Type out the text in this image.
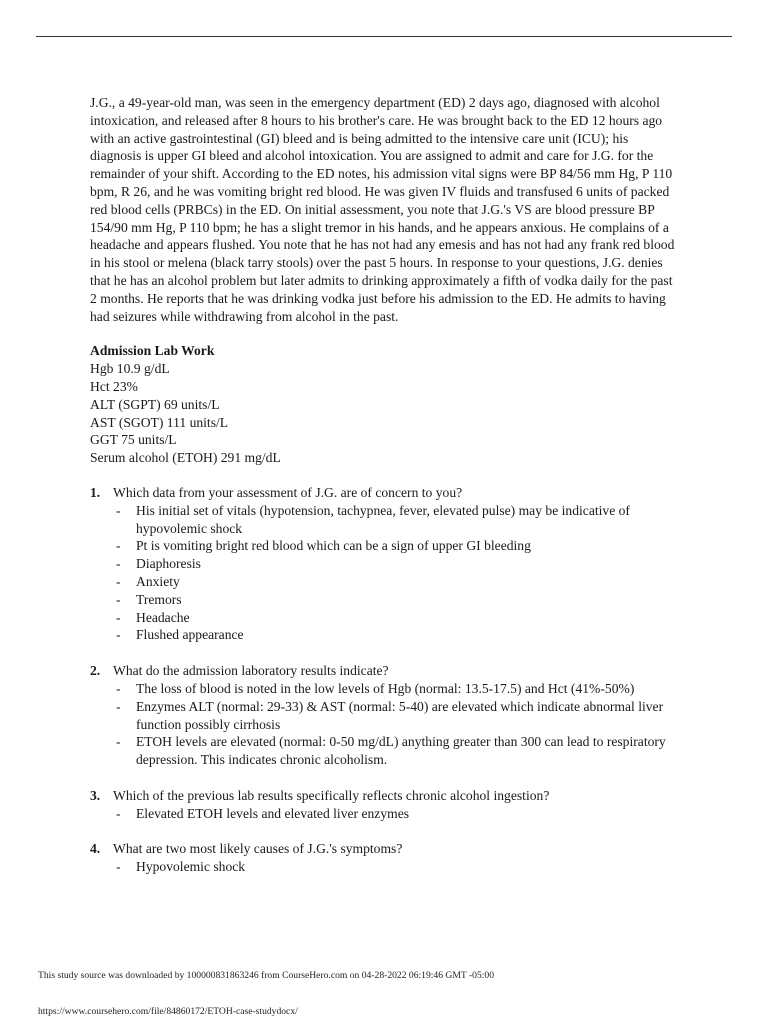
J.G., a 49-year-old man, was seen in the emergency department (ED) 2 days ago, diagnosed with alcohol intoxication, and released after 8 hours to his brother's care. He was brought back to the ED 12 hours ago with an active gastrointestinal (GI) bleed and is being admitted to the intensive care unit (ICU); his diagnosis is upper GI bleed and alcohol intoxication. You are assigned to admit and care for J.G. for the remainder of your shift. According to the ED notes, his admission vital signs were BP 84/56 mm Hg, P 110 bpm, R 26, and he was vomiting bright red blood. He was given IV fluids and transfused 6 units of packed red blood cells (PRBCs) in the ED. On initial assessment, you note that J.G.'s VS are blood pressure BP 154/90 mm Hg, P 110 bpm; he has a slight tremor in his hands, and he appears anxious. He complains of a headache and appears flushed. You note that he has not had any emesis and has not had any frank red blood in his stool or melena (black tarry stools) over the past 5 hours. In response to your questions, J.G. denies that he has an alcohol problem but later admits to drinking approximately a fifth of vodka daily for the past 2 months. He reports that he was drinking vodka just before his admission to the ED. He admits to having had seizures while withdrawing from alcohol in the past.

Admission Lab Work
Hgb 10.9 g/dL
Hct 23%
ALT (SGPT) 69 units/L
AST (SGOT) 111 units/L
GGT 75 units/L
Serum alcohol (ETOH) 291 mg/dL
1. Which data from your assessment of J.G. are of concern to you?
- His initial set of vitals (hypotension, tachypnea, fever, elevated pulse) may be indicative of hypovolemic shock
- Pt is vomiting bright red blood which can be a sign of upper GI bleeding
- Diaphoresis
- Anxiety
- Tremors
- Headache
- Flushed appearance
2. What do the admission laboratory results indicate?
- The loss of blood is noted in the low levels of Hgb (normal: 13.5-17.5) and Hct (41%-50%)
- Enzymes ALT (normal: 29-33) & AST (normal: 5-40) are elevated which indicate abnormal liver function possibly cirrhosis
- ETOH levels are elevated (normal: 0-50 mg/dL) anything greater than 300 can lead to respiratory depression. This indicates chronic alcoholism.
3. Which of the previous lab results specifically reflects chronic alcohol ingestion?
- Elevated ETOH levels and elevated liver enzymes
4. What are two most likely causes of J.G.'s symptoms?
- Hypovolemic shock
This study source was downloaded by 100000831863246 from CourseHero.com on 04-28-2022 06:19:46 GMT -05:00
https://www.coursehero.com/file/84860172/ETOH-case-studydocx/
